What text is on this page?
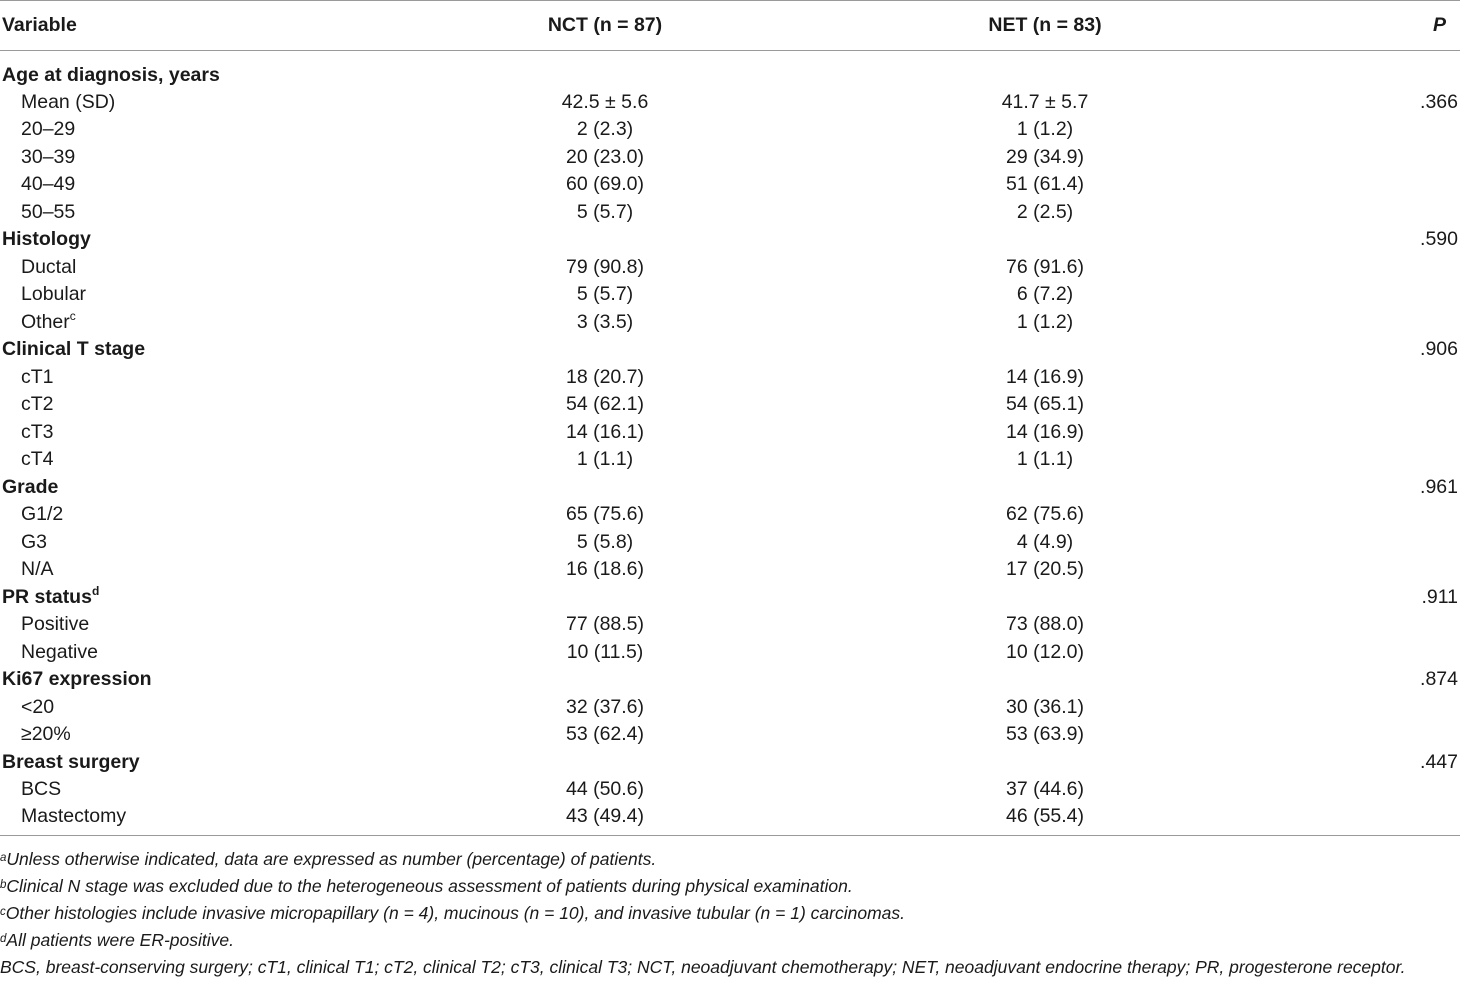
Variable	NCT (n = 87)	NET (n = 83)	P
Age at diagnosis, years			
Mean (SD)	42.5 ± 5.6	41.7 ± 5.7	.366
20–29	2 (2.3)	1 (1.2)	
30–39	20 (23.0)	29 (34.9)	
40–49	60 (69.0)	51 (61.4)	
50–55	5 (5.7)	2 (2.5)	
Histology			.590
Ductal	79 (90.8)	76 (91.6)	
Lobular	5 (5.7)	6 (7.2)	
Other$^c$	3 (3.5)	1 (1.2)	
Clinical T stage			.906
cT1	18 (20.7)	14 (16.9)	
cT2	54 (62.1)	54 (65.1)	
cT3	14 (16.1)	14 (16.9)	
cT4	1 (1.1)	1 (1.1)	
Grade			.961
G1/2	65 (75.6)	62 (75.6)	
G3	5 (5.8)	4 (4.9)	
N/A	16 (18.6)	17 (20.5)	
PR status$^d$			.911
Positive	77 (88.5)	73 (88.0)	
Negative	10 (11.5)	10 (12.0)	
Ki67 expression			.874
<20	32 (37.6)	30 (36.1)	
≥20%	53 (62.4)	53 (63.9)	
Breast surgery			.447
BCS	44 (50.6)	37 (44.6)	
Mastectomy	43 (49.4)	46 (55.4)	
$^a$Unless otherwise indicated, data are expressed as number (percentage) of patients.
$^b$Clinical N stage was excluded due to the heterogeneous assessment of patients during physical examination.
$^c$Other histologies include invasive micropapillary (n = 4), mucinous (n = 10), and invasive tubular (n = 1) carcinomas.
$^d$All patients were ER-positive.
BCS, breast-conserving surgery; cT1, clinical T1; cT2, clinical T2; cT3, clinical T3; NCT, neoadjuvant chemotherapy; NET, neoadjuvant endocrine therapy; PR, progesterone receptor.
